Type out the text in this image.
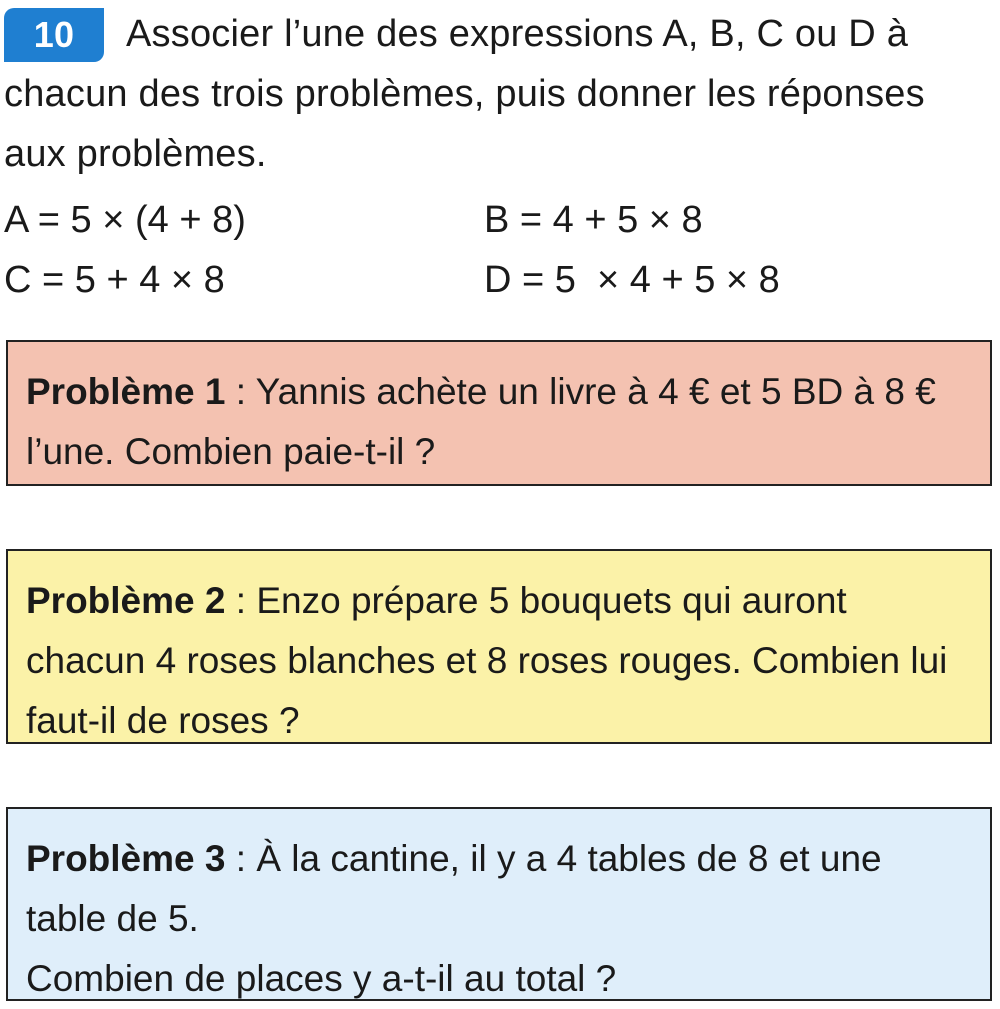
10 Associer l’une des expressions A, B, C ou D à chacun des trois problèmes, puis donner les réponses aux problèmes.
A = 5 × (4 + 8)	B = 4 + 5 × 8
C = 5 + 4 × 8	D = 5  × 4 + 5 × 8
Problème 1 : Yannis achète un livre à 4 € et 5 BD à 8 € l’une. Combien paie-t-il ?
Problème 2 : Enzo prépare 5 bouquets qui auront chacun 4 roses blanches et 8 roses rouges. Combien lui faut-il de roses ?
Problème 3 : À la cantine, il y a 4 tables de 8 et une table de 5.
Combien de places y a-t-il au total ?
